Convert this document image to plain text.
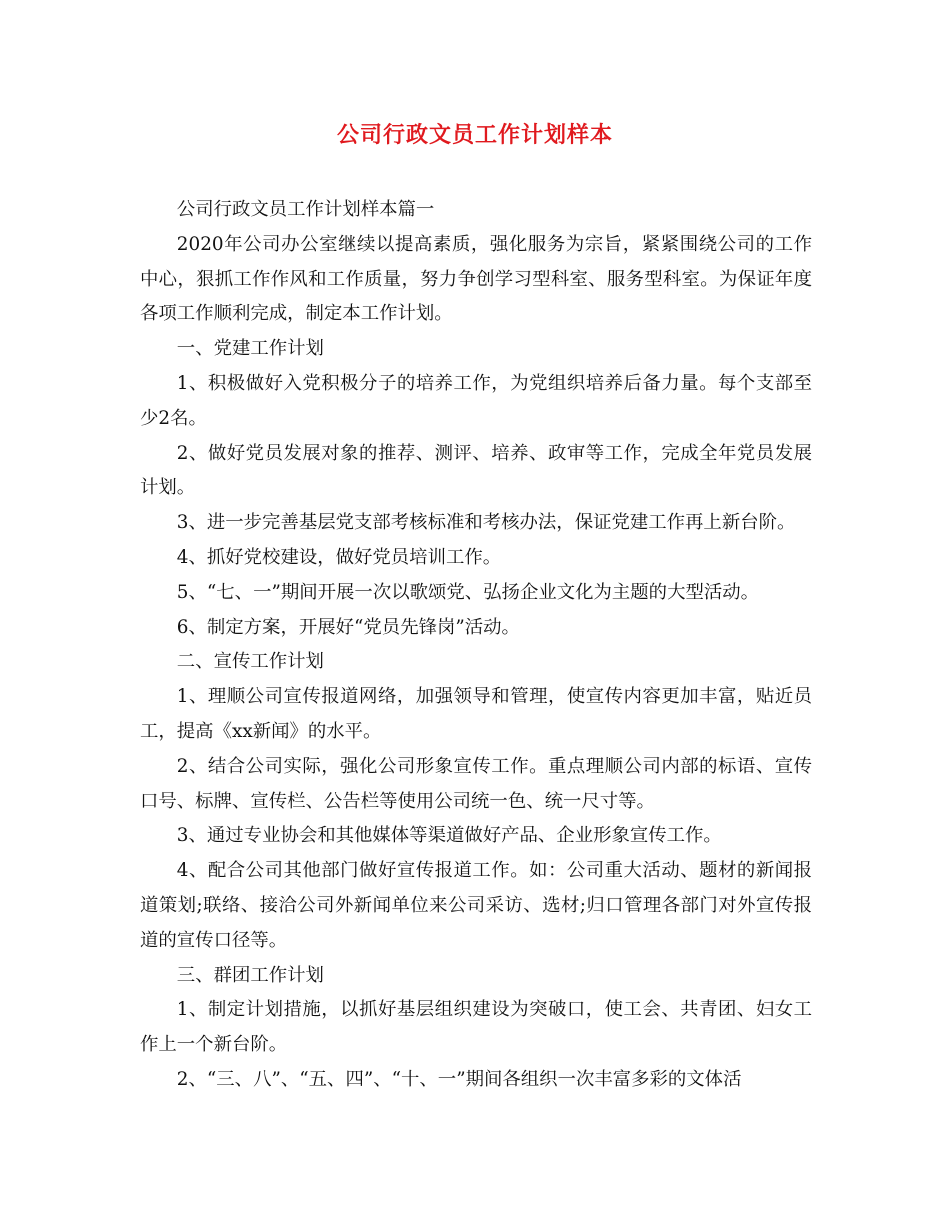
公司行政文员工作计划样本

公司行政文员工作计划样本篇一

2020年公司办公室继续以提高素质，强化服务为宗旨，紧紧围绕公司的工作中心，狠抓工作作风和工作质量，努力争创学习型科室、服务型科室。为保证年度各项工作顺利完成，制定本工作计划。

一、党建工作计划

1、积极做好入党积极分子的培养工作，为党组织培养后备力量。每个支部至少2名。

2、做好党员发展对象的推荐、测评、培养、政审等工作，完成全年党员发展计划。

3、进一步完善基层党支部考核标准和考核办法，保证党建工作再上新台阶。

4、抓好党校建设，做好党员培训工作。

5、“七、一”期间开展一次以歌颂党、弘扬企业文化为主题的大型活动。

6、制定方案，开展好“党员先锋岗”活动。

二、宣传工作计划

1、理顺公司宣传报道网络，加强领导和管理，使宣传内容更加丰富，贴近员工，提高《xx新闻》的水平。

2、结合公司实际，强化公司形象宣传工作。重点理顺公司内部的标语、宣传口号、标牌、宣传栏、公告栏等使用公司统一色、统一尺寸等。

3、通过专业协会和其他媒体等渠道做好产品、企业形象宣传工作。

4、配合公司其他部门做好宣传报道工作。如：公司重大活动、题材的新闻报道策划;联络、接洽公司外新闻单位来公司采访、选材;归口管理各部门对外宣传报道的宣传口径等。

三、群团工作计划

1、制定计划措施，以抓好基层组织建设为突破口，使工会、共青团、妇女工作上一个新台阶。

2、“三、八”、“五、四”、“十、一”期间各组织一次丰富多彩的文体活
